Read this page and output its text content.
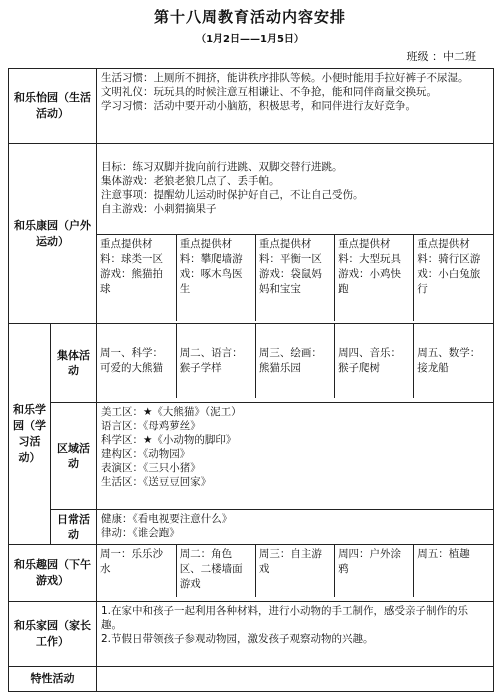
第十八周教育活动内容安排
（1月2日——1月5日）
班级 ：中二班
和乐怡园（生活活动）	

生活习惯：上厕所不拥挤，能讲秩序排队等候。小便时能用手拉好裤子不尿湿。

文明礼仪：玩玩具的时候注意互相谦让、不争抢，能和同伴商量交换玩。

学习习惯：活动中要开动小脑筋，积极思考，和同伴进行友好竞争。

和乐康园（户外运动）	

目标：练习双脚并拢向前行进跳、双脚交替行进跳。

集体游戏：老狼老狼几点了、丢手帕。

注意事项：提醒幼儿运动时保护好自己，不让自己受伤。

自主游戏：小刺猬摘果子

重点提供材料：球类一区游戏：熊猫拍球	重点提供材料：攀爬墙游戏：啄木鸟医生	重点提供材料：平衡一区游戏：袋鼠妈妈和宝宝	重点提供材料：大型玩具游戏：小鸡快跑	重点提供材料：骑行区游戏：小白兔旅行

和乐学园（学习活动）	集体活动	
周一、科学：可爱的大熊猫	周二、语言：猴子学样	周三、绘画：熊猫乐园	周四、音乐：猴子爬树	周五、数学：接龙船

区域活动	

美工区：★《大熊猫》（泥工）

语言区：《母鸡萝丝》

科学区：★《小动物的脚印》

建构区：《动物园》

表演区：《三只小猪》

生活区：《送豆豆回家》

日常活动	

健康：《看电视要注意什么》

律动：《谁会跑》

和乐趣园（下午游戏）	
周一：乐乐沙水	周二：角色区、二楼墙面游戏	周三：自主游戏	周四：户外涂鸦	周五：植趣

和乐家园（家长工作）	

1.在家中和孩子一起利用各种材料，进行小动物的手工制作，感受亲子制作的乐趣。

2.节假日带领孩子参观动物园，激发孩子观察动物的兴趣。

特性活动	
